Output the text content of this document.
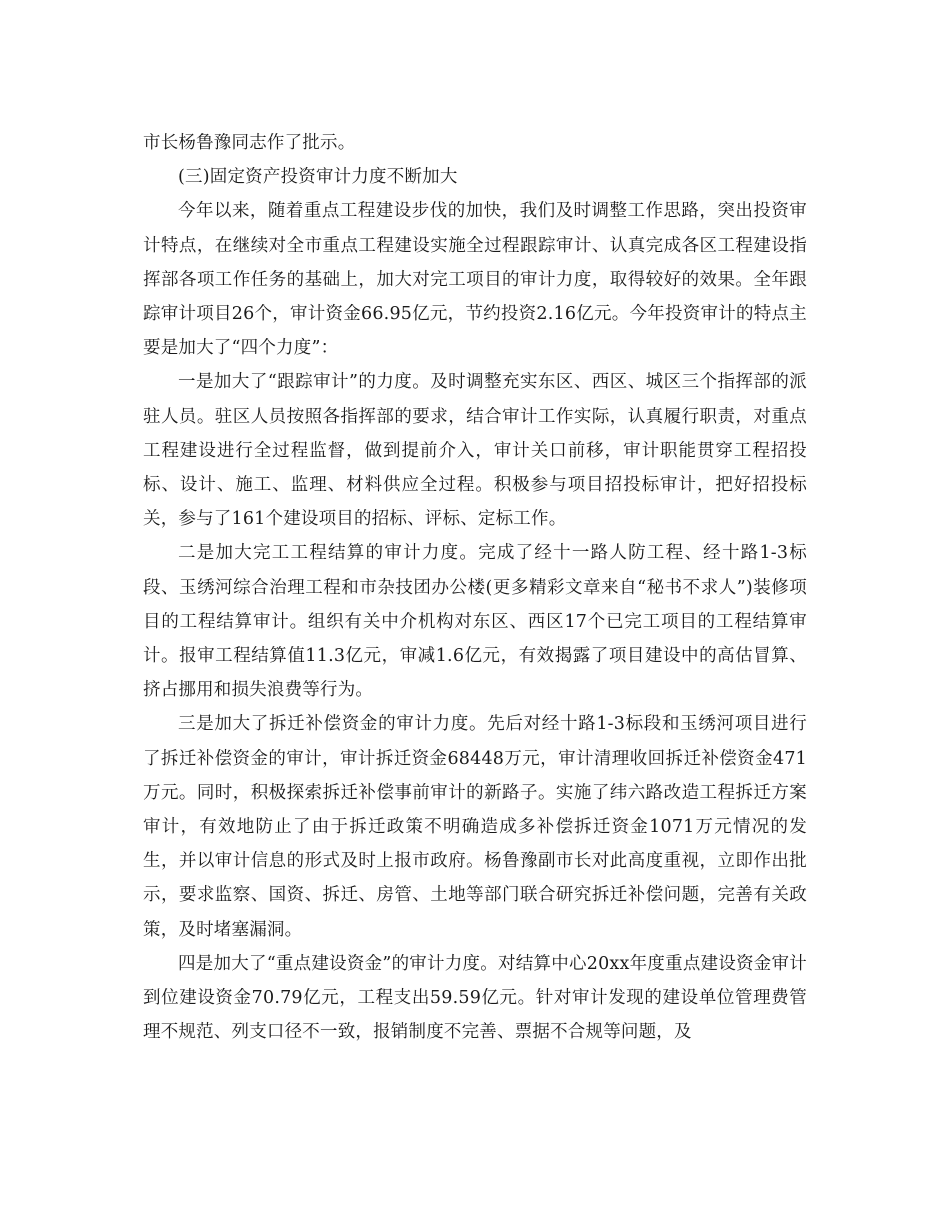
市长杨鲁豫同志作了批示。

(三)固定资产投资审计力度不断加大

今年以来，随着重点工程建设步伐的加快，我们及时调整工作思路，突出投资审计特点，在继续对全市重点工程建设实施全过程跟踪审计、认真完成各区工程建设指挥部各项工作任务的基础上，加大对完工项目的审计力度，取得较好的效果。全年跟踪审计项目26个，审计资金66.95亿元，节约投资2.16亿元。今年投资审计的特点主要是加大了“四个力度”：

一是加大了“跟踪审计”的力度。及时调整充实东区、西区、城区三个指挥部的派驻人员。驻区人员按照各指挥部的要求，结合审计工作实际，认真履行职责，对重点工程建设进行全过程监督，做到提前介入，审计关口前移，审计职能贯穿工程招投标、设计、施工、监理、材料供应全过程。积极参与项目招投标审计，把好招投标关，参与了161个建设项目的招标、评标、定标工作。

二是加大完工工程结算的审计力度。完成了经十一路人防工程、经十路1-3标段、玉绣河综合治理工程和市杂技团办公楼(更多精彩文章来自“秘书不求人”)装修项目的工程结算审计。组织有关中介机构对东区、西区17个已完工项目的工程结算审计。报审工程结算值11.3亿元，审减1.6亿元，有效揭露了项目建设中的高估冒算、挤占挪用和损失浪费等行为。

三是加大了拆迁补偿资金的审计力度。先后对经十路1-3标段和玉绣河项目进行了拆迁补偿资金的审计，审计拆迁资金68448万元，审计清理收回拆迁补偿资金471万元。同时，积极探索拆迁补偿事前审计的新路子。实施了纬六路改造工程拆迁方案审计，有效地防止了由于拆迁政策不明确造成多补偿拆迁资金1071万元情况的发生，并以审计信息的形式及时上报市政府。杨鲁豫副市长对此高度重视，立即作出批示，要求监察、国资、拆迁、房管、土地等部门联合研究拆迁补偿问题，完善有关政策，及时堵塞漏洞。

四是加大了“重点建设资金”的审计力度。对结算中心20xx年度重点建设资金审计到位建设资金70.79亿元，工程支出59.59亿元。针对审计发现的建设单位管理费管理不规范、列支口径不一致，报销制度不完善、票据不合规等问题，及
